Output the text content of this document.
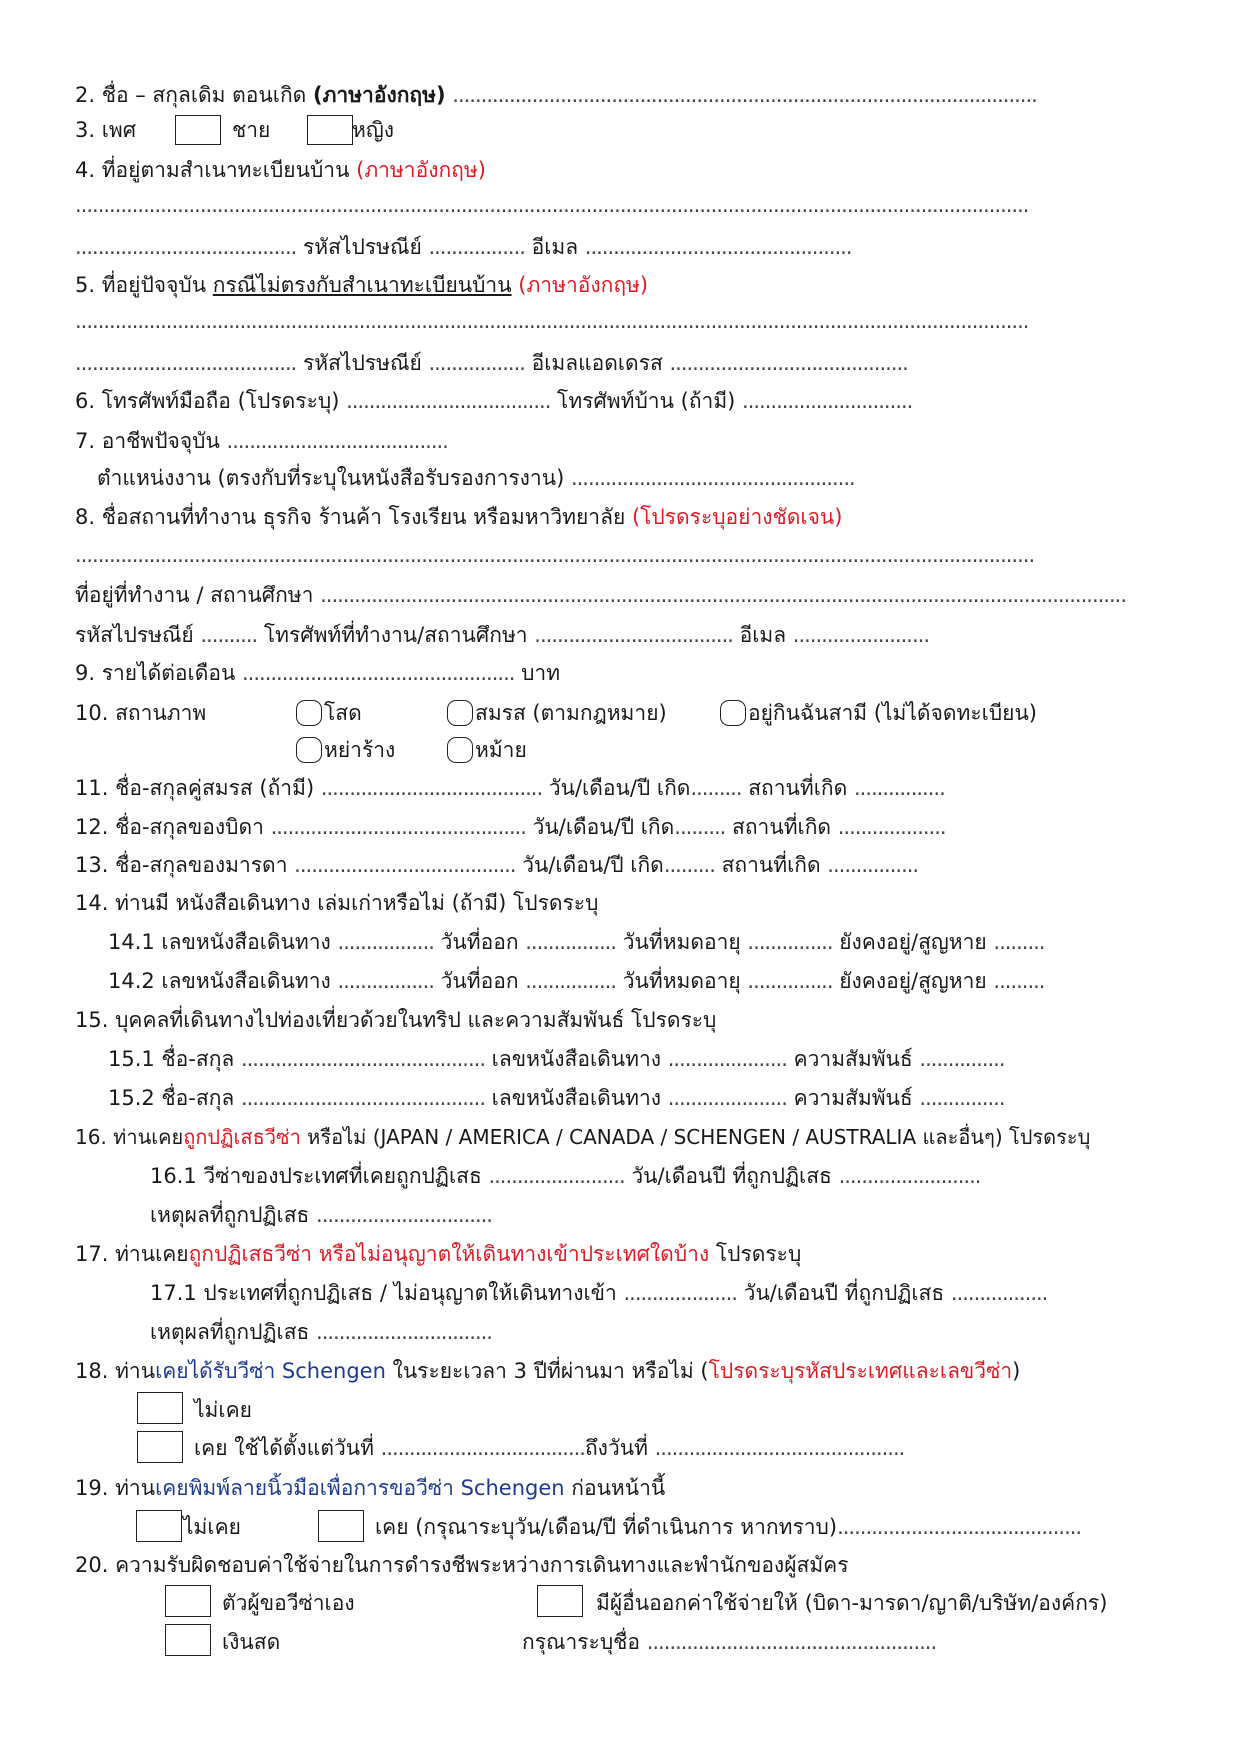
2. ชื่อ – สกุลเดิม ตอนเกิด (ภาษาอังกฤษ) .......................................................................................................
3. เพศ	ชาย	หญิง
4. ที่อยู่ตามสำเนาทะเบียนบ้าน (ภาษาอังกฤษ)
........................................................................................................................................................................
....................................... รหัสไปรษณีย์ ................. อีเมล ...............................................
5. ที่อยู่ปัจจุบัน กรณีไม่ตรงกับสำเนาทะเบียนบ้าน (ภาษาอังกฤษ)
........................................................................................................................................................................
....................................... รหัสไปรษณีย์ ................. อีเมลแอดเดรส ..........................................
6. โทรศัพท์มือถือ (โปรดระบุ) .................................... โทรศัพท์บ้าน (ถ้ามี) ..............................
7. อาชีพปัจจุบัน .......................................
ตำแหน่งงาน (ตรงกับที่ระบุในหนังสือรับรองการงาน) ..................................................
8. ชื่อสถานที่ทำงาน ธุรกิจ ร้านค้า โรงเรียน หรือมหาวิทยาลัย (โปรดระบุอย่างชัดเจน)
.........................................................................................................................................................................
ที่อยู่ที่ทำงาน / สถานศึกษา ..............................................................................................................................................
รหัสไปรษณีย์ .......... โทรศัพท์ที่ทำงาน/สถานศึกษา ................................... อีเมล ........................
9. รายได้ต่อเดือน ................................................ บาท
10. สถานภาพ	โสด	สมรส (ตามกฎหมาย)	อยู่กินฉันสามี (ไม่ได้จดทะเบียน)
หย่าร้าง	หม้าย
11. ชื่อ-สกุลคู่สมรส (ถ้ามี) ....................................... วัน/เดือน/ปี เกิด......... สถานที่เกิด ................
12. ชื่อ-สกุลของบิดา ............................................. วัน/เดือน/ปี เกิด......... สถานที่เกิด ...................
13. ชื่อ-สกุลของมารดา ....................................... วัน/เดือน/ปี เกิด......... สถานที่เกิด ................
14. ท่านมี หนังสือเดินทาง เล่มเก่าหรือไม่ (ถ้ามี) โปรดระบุ
14.1 เลขหนังสือเดินทาง ................. วันที่ออก ................ วันที่หมดอายุ ............... ยังคงอยู่/สูญหาย .........
14.2 เลขหนังสือเดินทาง ................. วันที่ออก ................ วันที่หมดอายุ ............... ยังคงอยู่/สูญหาย .........
15. บุคคลที่เดินทางไปท่องเที่ยวด้วยในทริป และความสัมพันธ์ โปรดระบุ
15.1 ชื่อ-สกุล ........................................... เลขหนังสือเดินทาง ..................... ความสัมพันธ์ ...............
15.2 ชื่อ-สกุล ........................................... เลขหนังสือเดินทาง ..................... ความสัมพันธ์ ...............
16. ท่านเคยถูกปฏิเสธวีซ่า หรือไม่ (JAPAN / AMERICA / CANADA / SCHENGEN / AUSTRALIA และอื่นๆ) โปรดระบุ
16.1 วีซ่าของประเทศที่เคยถูกปฏิเสธ ........................ วัน/เดือนปี ที่ถูกปฏิเสธ .........................
เหตุผลที่ถูกปฏิเสธ ...............................
17. ท่านเคยถูกปฏิเสธวีซ่า หรือไม่อนุญาตให้เดินทางเข้าประเทศใดบ้าง โปรดระบุ
17.1 ประเทศที่ถูกปฏิเสธ / ไม่อนุญาตให้เดินทางเข้า .................... วัน/เดือนปี ที่ถูกปฏิเสธ .................
เหตุผลที่ถูกปฏิเสธ ...............................
18. ท่านเคยได้รับวีซ่า Schengen ในระยะเวลา 3 ปีที่ผ่านมา หรือไม่ (โปรดระบุรหัสประเทศและเลขวีซ่า)
ไม่เคย
เคย ใช้ได้ตั้งแต่วันที่ ....................................ถึงวันที่ ............................................
19. ท่านเคยพิมพ์ลายนิ้วมือเพื่อการขอวีซ่า Schengen ก่อนหน้านี้
ไม่เคย	เคย (กรุณาระบุวัน/เดือน/ปี ที่ดำเนินการ หากทราบ)...........................................
20. ความรับผิดชอบค่าใช้จ่ายในการดำรงชีพระหว่างการเดินทางและพำนักของผู้สมัคร
ตัวผู้ขอวีซ่าเอง	มีผู้อื่นออกค่าใช้จ่ายให้ (บิดา-มารดา/ญาติ/บริษัท/องค์กร)
เงินสด	กรุณาระบุชื่อ ...................................................
